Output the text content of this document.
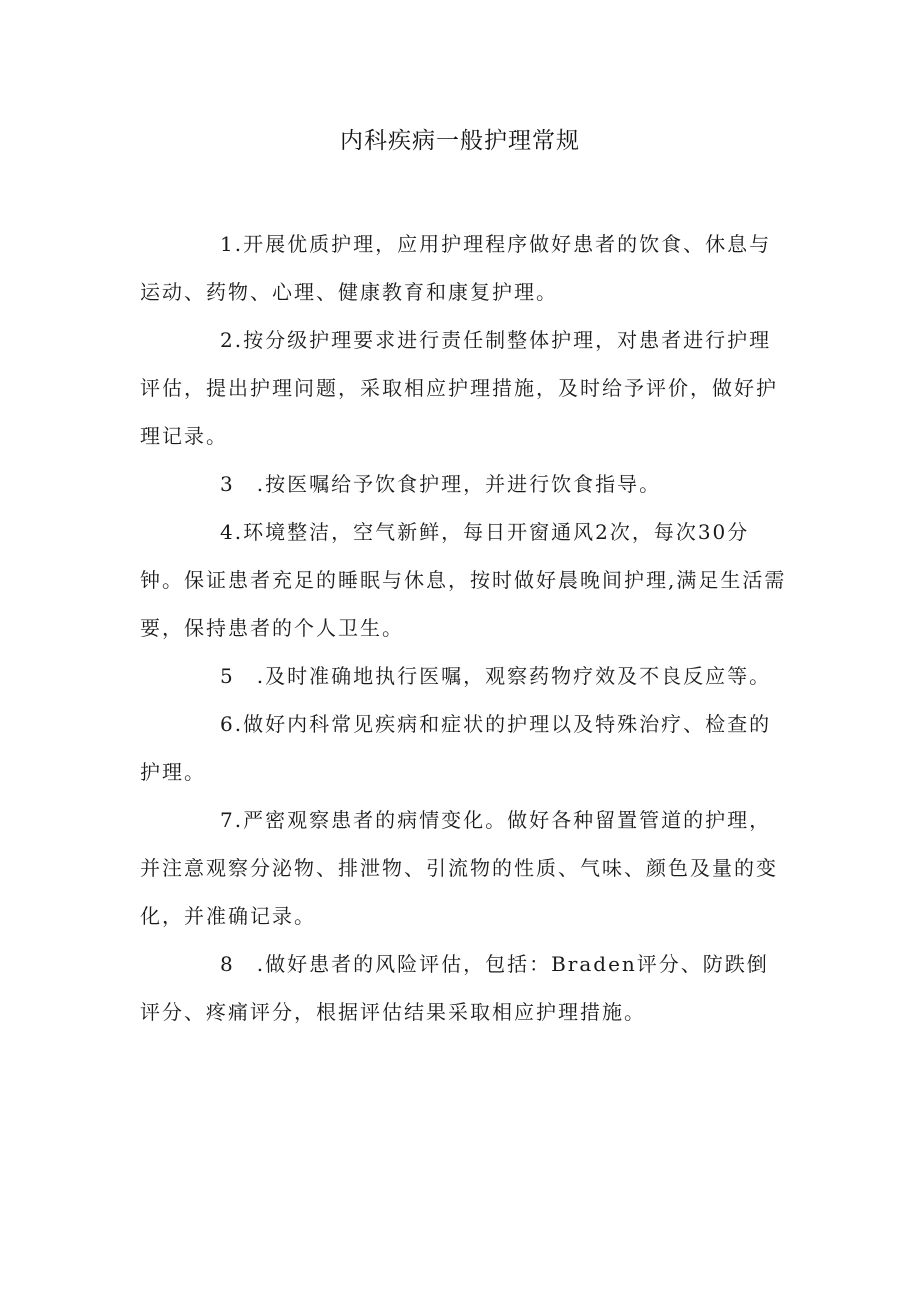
内科疾病一般护理常规
1.开展优质护理，应用护理程序做好患者的饮食、休息与运动、药物、心理、健康教育和康复护理。
2.按分级护理要求进行责任制整体护理，对患者进行护理评估，提出护理问题，采取相应护理措施，及时给予评价，做好护理记录。
3　.按医嘱给予饮食护理，并进行饮食指导。
4.环境整洁，空气新鲜，每日开窗通风2次，每次30分钟。保证患者充足的睡眠与休息，按时做好晨晚间护理,满足生活需要，保持患者的个人卫生。
5　.及时准确地执行医嘱，观察药物疗效及不良反应等。
6.做好内科常见疾病和症状的护理以及特殊治疗、检查的护理。
7.严密观察患者的病情变化。做好各种留置管道的护理，并注意观察分泌物、排泄物、引流物的性质、气味、颜色及量的变化，并准确记录。
8　.做好患者的风险评估，包括：Braden评分、防跌倒评分、疼痛评分，根据评估结果采取相应护理措施。
